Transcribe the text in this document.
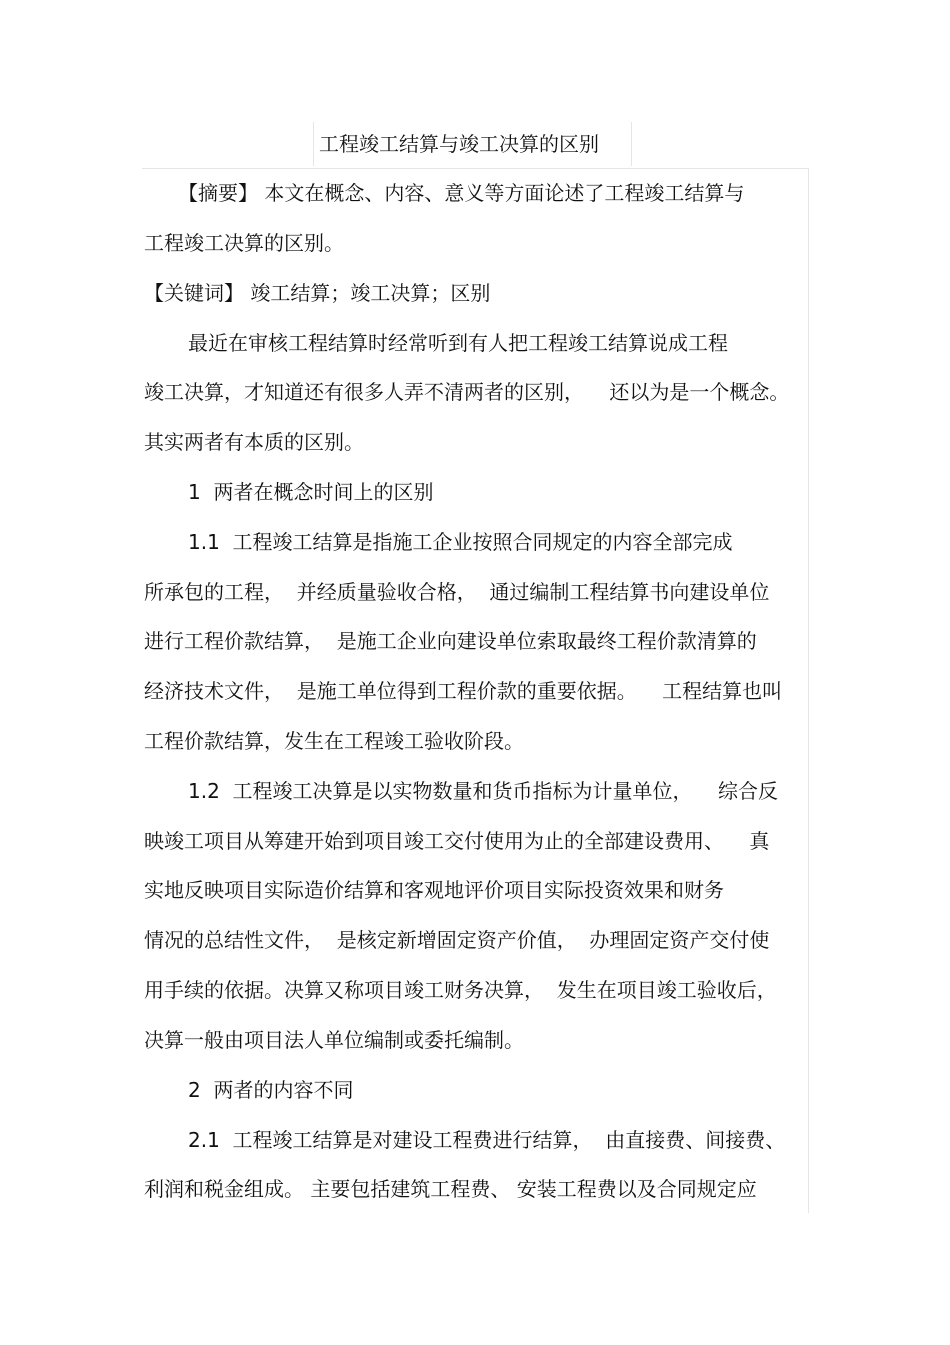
工程竣工结算与竣工决算的区别
【摘要】 本文在概念、内容、意义等方面论述了工程竣工结算与
工程竣工决算的区别。
【关键词】 竣工结算；竣工决算；区别
最近在审核工程结算时经常听到有人把工程竣工结算说成工程
竣工决算，才知道还有很多人弄不清两者的区别，    还以为是一个概念。
其实两者有本质的区别。
1  两者在概念时间上的区别
1.1  工程竣工结算是指施工企业按照合同规定的内容全部完成
所承包的工程，  并经质量验收合格，  通过编制工程结算书向建设单位
进行工程价款结算，  是施工企业向建设单位索取最终工程价款清算的
经济技术文件，  是施工单位得到工程价款的重要依据。    工程结算也叫
工程价款结算，发生在工程竣工验收阶段。
1.2  工程竣工决算是以实物数量和货币指标为计量单位，    综合反
映竣工项目从筹建开始到项目竣工交付使用为止的全部建设费用、    真
实地反映项目实际造价结算和客观地评价项目实际投资效果和财务
情况的总结性文件，  是核定新增固定资产价值，  办理固定资产交付使
用手续的依据。决算又称项目竣工财务决算，  发生在项目竣工验收后，
决算一般由项目法人单位编制或委托编制。
2  两者的内容不同
2.1  工程竣工结算是对建设工程费进行结算，  由直接费、间接费、
利润和税金组成。 主要包括建筑工程费、 安装工程费以及合同规定应
